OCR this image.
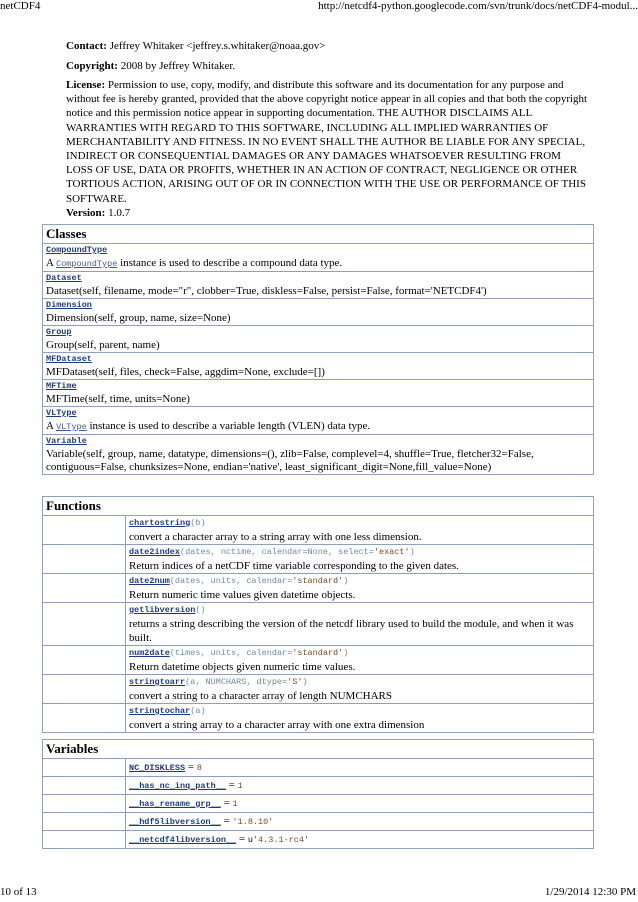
netCDF4	http://netcdf4-python.googlecode.com/svn/trunk/docs/netCDF4-modul...
Contact: Jeffrey Whitaker <jeffrey.s.whitaker@noaa.gov>
Copyright: 2008 by Jeffrey Whitaker.
License: Permission to use, copy, modify, and distribute this software and its documentation for any purpose and without fee is hereby granted, provided that the above copyright notice appear in all copies and that both the copyright notice and this permission notice appear in supporting documentation. THE AUTHOR DISCLAIMS ALL WARRANTIES WITH REGARD TO THIS SOFTWARE, INCLUDING ALL IMPLIED WARRANTIES OF MERCHANTABILITY AND FITNESS. IN NO EVENT SHALL THE AUTHOR BE LIABLE FOR ANY SPECIAL, INDIRECT OR CONSEQUENTIAL DAMAGES OR ANY DAMAGES WHATSOEVER RESULTING FROM LOSS OF USE, DATA OR PROFITS, WHETHER IN AN ACTION OF CONTRACT, NEGLIGENCE OR OTHER TORTIOUS ACTION, ARISING OUT OF OR IN CONNECTION WITH THE USE OR PERFORMANCE OF THIS SOFTWARE.
Version: 1.0.7
Classes

CompoundType
A CompoundType instance is used to describe a compound data type.

Dataset
Dataset(self, filename, mode="r", clobber=True, diskless=False, persist=False, format='NETCDF4')

Dimension
Dimension(self, group, name, size=None)

Group
Group(self, parent, name)

MFDataset
MFDataset(self, files, check=False, aggdim=None, exclude=[])

MFTime
MFTime(self, time, units=None)

VLType
A VLType instance is used to describe a variable length (VLEN) data type.

Variable
Variable(self, group, name, datatype, dimensions=(), zlib=False, complevel=4, shuffle=True, fletcher32=False, contiguous=False, chunksizes=None, endian='native', least_significant_digit=None,fill_value=None)
Functions	

	chartostring(b)
convert a character array to a string array with one less dimension.

	date2index(dates, nctime, calendar=None, select='exact')
Return indices of a netCDF time variable corresponding to the given dates.

	date2num(dates, units, calendar='standard')
Return numeric time values given datetime objects.

	getlibversion()
returns a string describing the version of the netcdf library used to build the module, and when it was built.

	num2date(times, units, calendar='standard')
Return datetime objects given numeric time values.

	stringtoarr(a, NUMCHARS, dtype='S')
convert a string to a character array of length NUMCHARS

	stringtochar(a)
convert a string array to a character array with one extra dimension
Variables	
	NC_DISKLESS = 8
	__has_nc_inq_path__ = 1
	__has_rename_grp__ = 1
	__hdf5libversion__ = '1.8.10'
	__netcdf4libversion__ = u'4.3.1-rc4'
10 of 13	1/29/2014 12:30 PM
